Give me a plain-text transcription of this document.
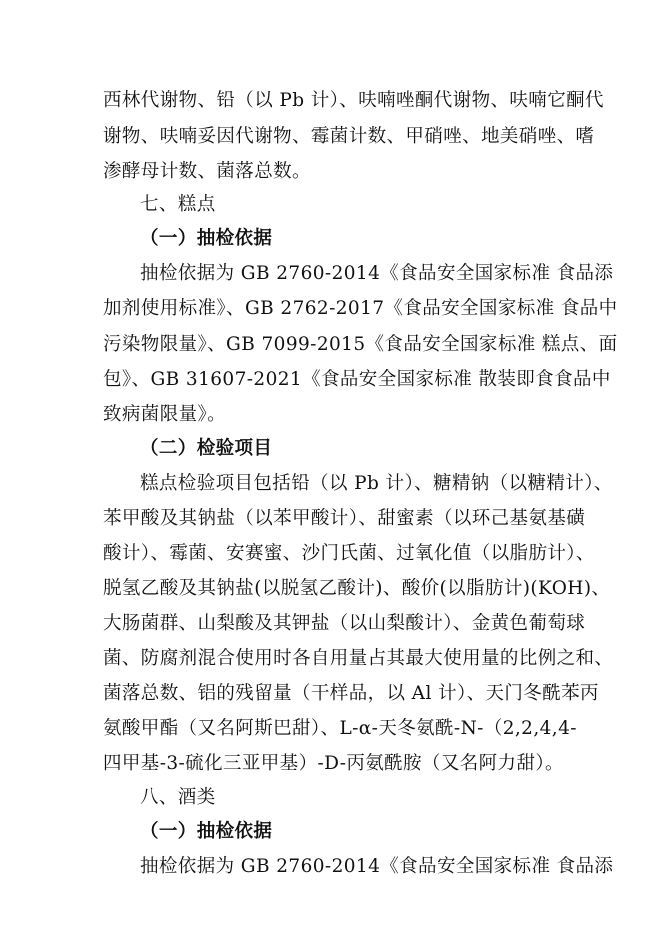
西林代谢物、铅（以 Pb 计）、呋喃唑酮代谢物、呋喃它酮代
谢物、呋喃妥因代谢物、霉菌计数、甲硝唑、地美硝唑、嗜
渗酵母计数、菌落总数。
七、糕点
（一）抽检依据
抽检依据为 GB 2760-2014《食品安全国家标准 食品添
加剂使用标准》、GB 2762-2017《食品安全国家标准 食品中
污染物限量》、GB 7099-2015《食品安全国家标准 糕点、面
包》、GB 31607-2021《食品安全国家标准 散装即食食品中
致病菌限量》。
（二）检验项目
糕点检验项目包括铅（以 Pb 计）、糖精钠（以糖精计）、
苯甲酸及其钠盐（以苯甲酸计）、甜蜜素（以环己基氨基磺
酸计）、霉菌、安赛蜜、沙门氏菌、过氧化值（以脂肪计）、
脱氢乙酸及其钠盐(以脱氢乙酸计)、酸价(以脂肪计)(KOH)、
大肠菌群、山梨酸及其钾盐（以山梨酸计）、金黄色葡萄球
菌、防腐剂混合使用时各自用量占其最大使用量的比例之和、
菌落总数、铝的残留量（干样品，以 Al 计）、天门冬酰苯丙
氨酸甲酯（又名阿斯巴甜）、L-α-天冬氨酰-N-（2,2,4,4-
四甲基-3-硫化三亚甲基）-D-丙氨酰胺（又名阿力甜）。
八、酒类
（一）抽检依据
抽检依据为 GB 2760-2014《食品安全国家标准 食品添
